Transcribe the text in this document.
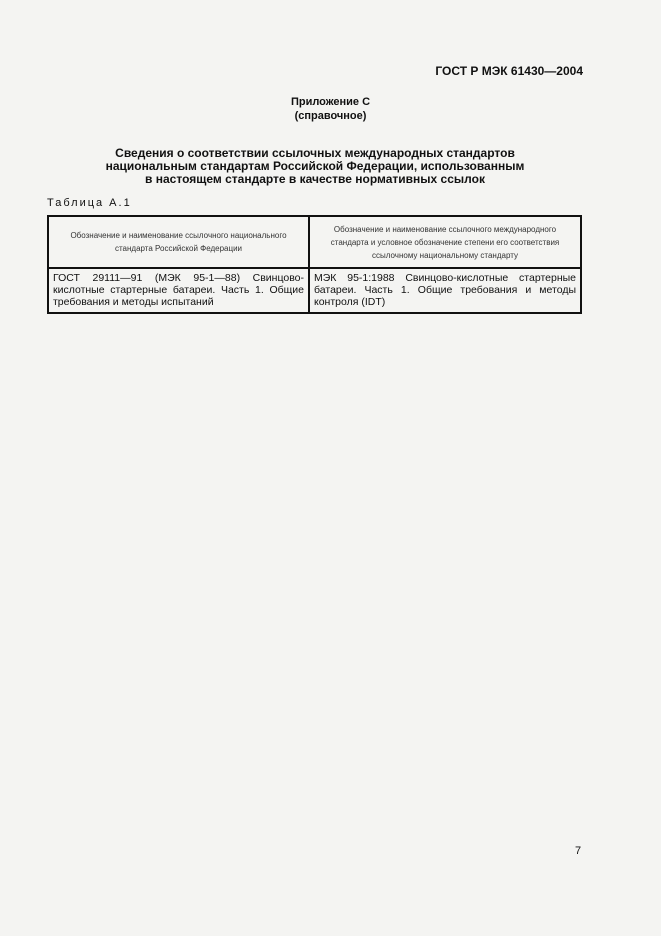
ГОСТ Р МЭК 61430—2004
Приложение С
(справочное)
Сведения о соответствии ссылочных международных стандартов
национальным стандартам Российской Федерации, использованным
в настоящем стандарте в качестве нормативных ссылок
Таблица А.1
Обозначение и наименование ссылочного национального стандарта Российской Федерации	Обозначение и наименование ссылочного международного стандарта и условное обозначение степени его соответствия ссылочному национальному стандарту
ГОСТ 29111—91 (МЭК 95-1—88) Свинцово-кислотные стартерные батареи. Часть 1. Общие требования и методы испытаний	МЭК 95-1:1988 Свинцово-кислотные стартерные батареи. Часть 1. Общие требования и методы контроля (IDT)
7
